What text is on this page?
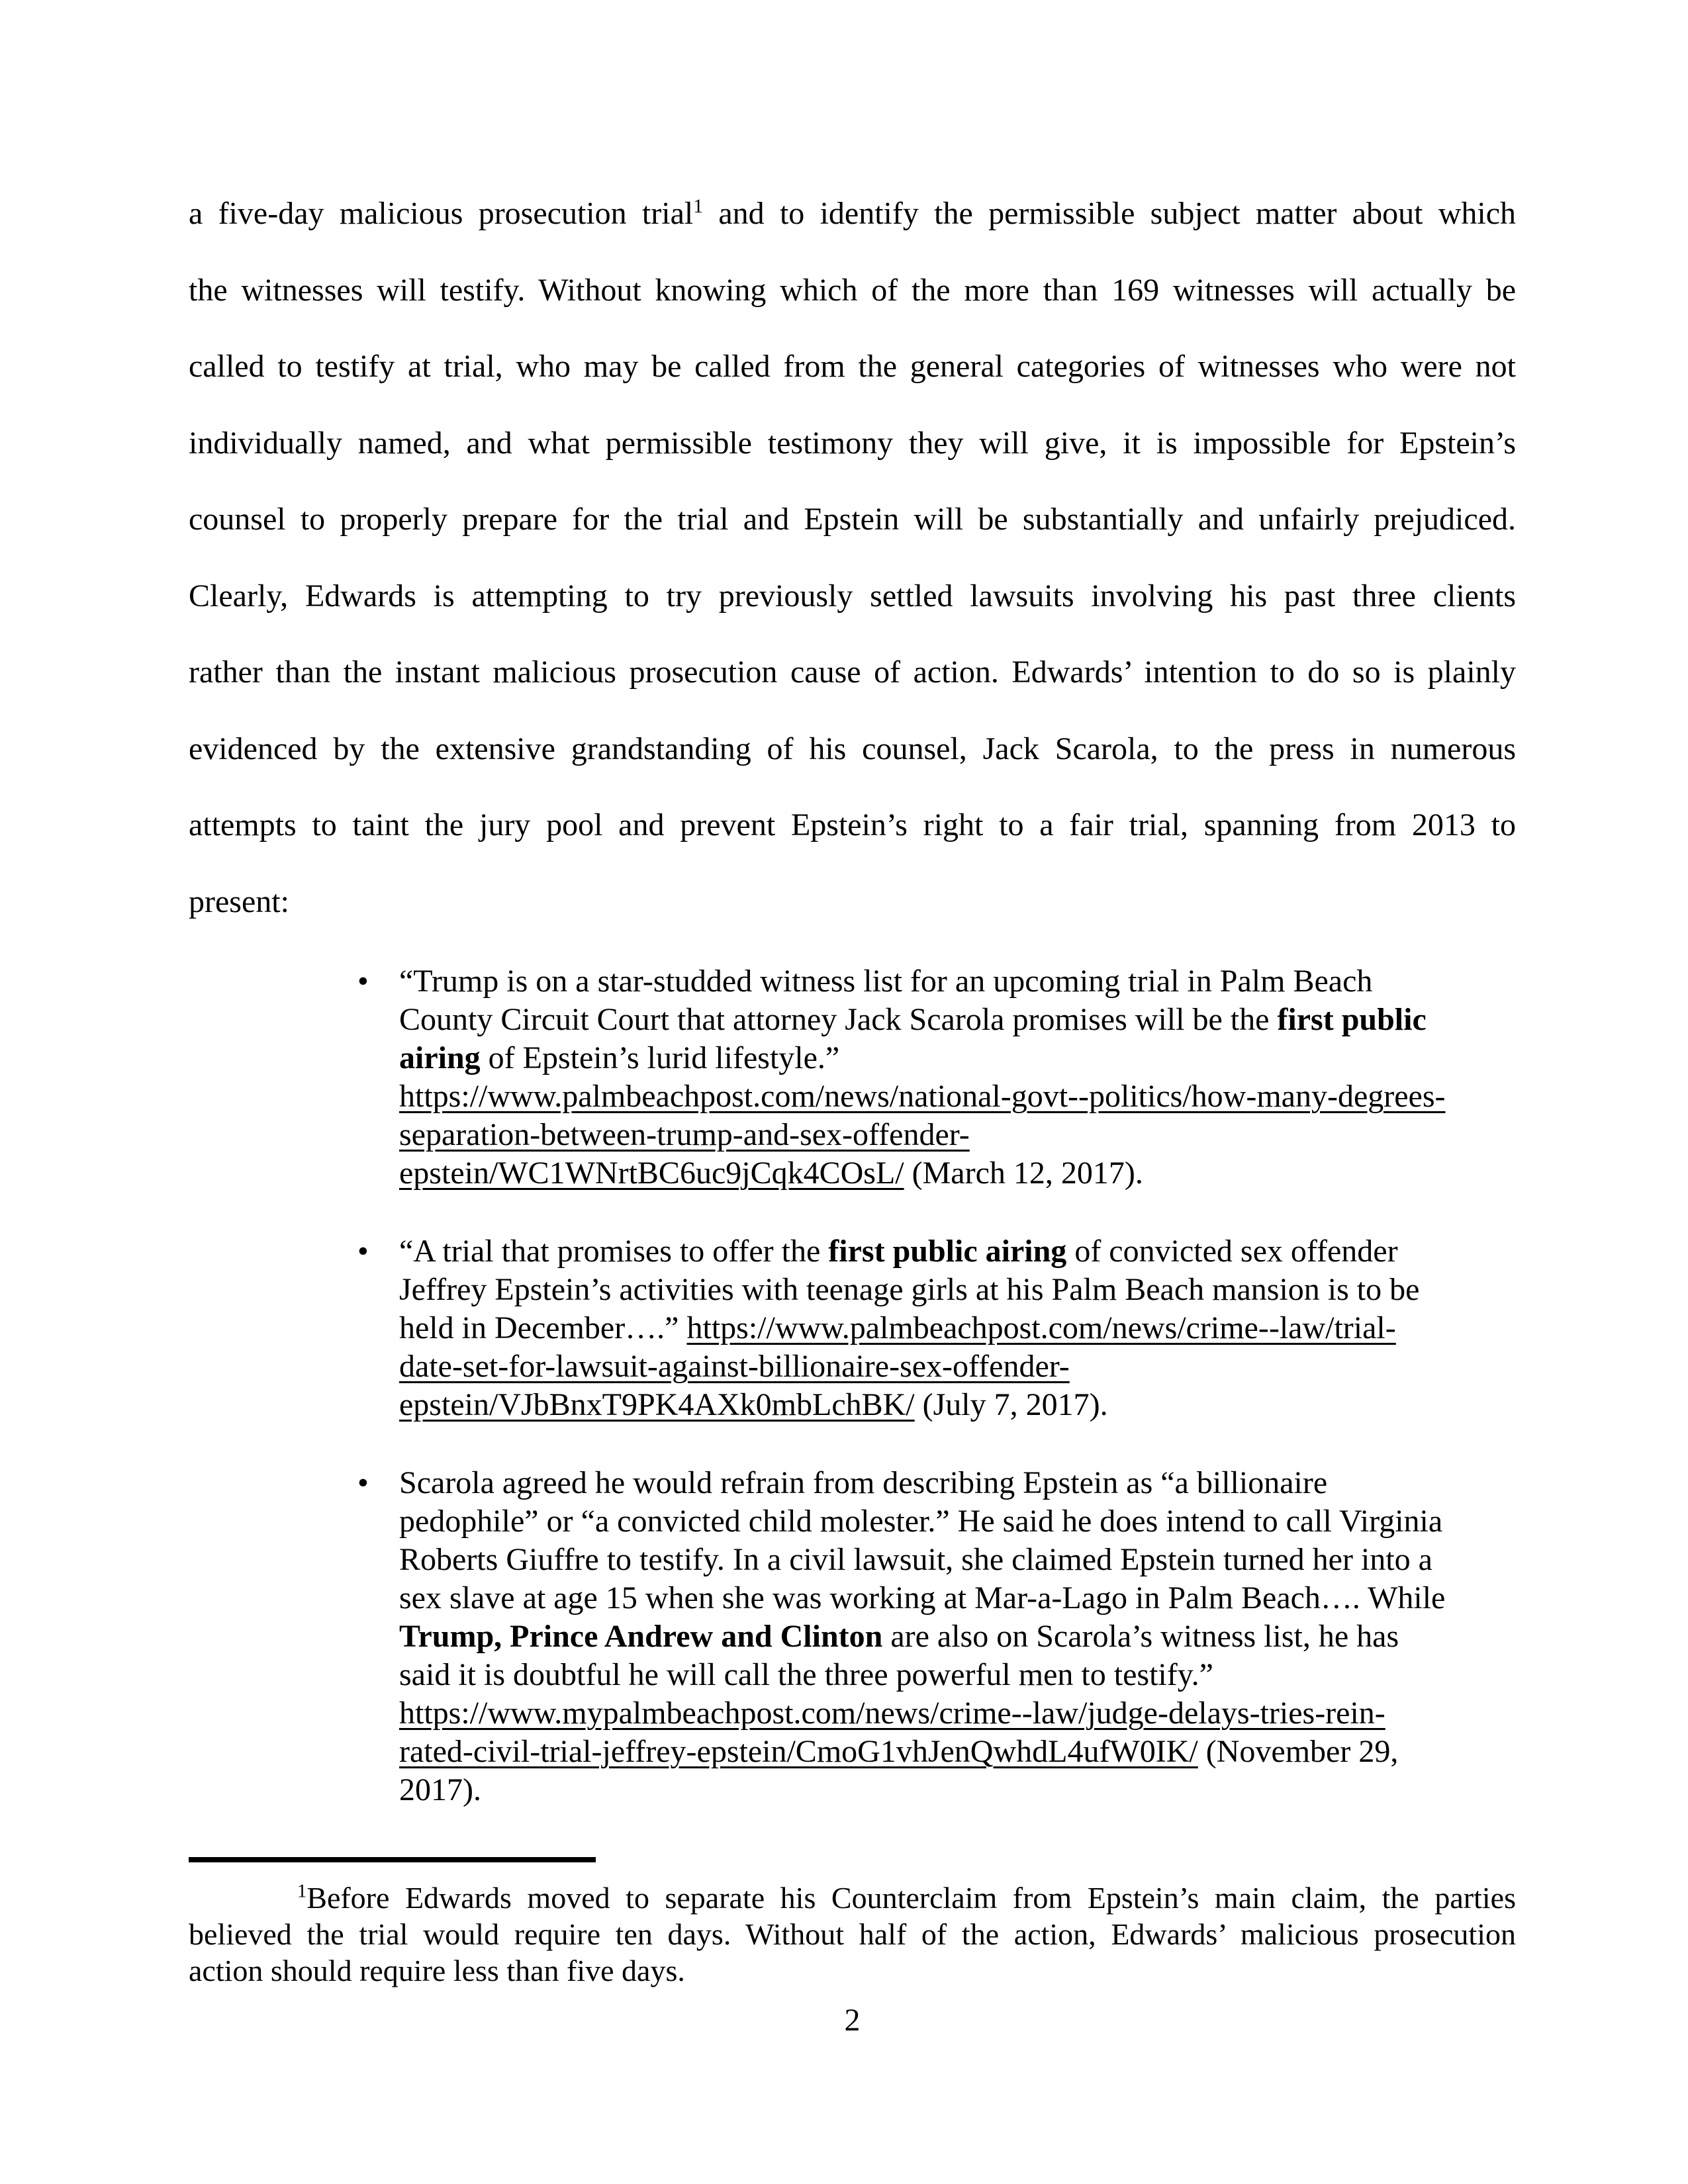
a five-day malicious prosecution trial$^1$ and to identify the permissible subject matter about which
the witnesses will testify. Without knowing which of the more than 169 witnesses will actually be
called to testify at trial, who may be called from the general categories of witnesses who were not
individually named, and what permissible testimony they will give, it is impossible for Epstein’s
counsel to properly prepare for the trial and Epstein will be substantially and unfairly prejudiced.
Clearly, Edwards is attempting to try previously settled lawsuits involving his past three clients
rather than the instant malicious prosecution cause of action. Edwards’ intention to do so is plainly
evidenced by the extensive grandstanding of his counsel, Jack Scarola, to the press in numerous
attempts to taint the jury pool and prevent Epstein’s right to a fair trial, spanning from 2013 to
present:
• “Trump is on a star-studded witness list for an upcoming trial in Palm Beach
County Circuit Court that attorney Jack Scarola promises will be the first public
airing of Epstein’s lurid lifestyle.”
https://www.palmbeachpost.com/news/national-govt--politics/how-many-degrees-
separation-between-trump-and-sex-offender-
epstein/WC1WNrtBC6uc9jCqk4COsL/ (March 12, 2017).
• “A trial that promises to offer the first public airing of convicted sex offender
Jeffrey Epstein’s activities with teenage girls at his Palm Beach mansion is to be
held in December….” https://www.palmbeachpost.com/news/crime--law/trial-
date-set-for-lawsuit-against-billionaire-sex-offender-
epstein/VJbBnxT9PK4AXk0mbLchBK/ (July 7, 2017).
• Scarola agreed he would refrain from describing Epstein as “a billionaire
pedophile” or “a convicted child molester.” He said he does intend to call Virginia
Roberts Giuffre to testify. In a civil lawsuit, she claimed Epstein turned her into a
sex slave at age 15 when she was working at Mar-a-Lago in Palm Beach…. While
Trump, Prince Andrew and Clinton are also on Scarola’s witness list, he has
said it is doubtful he will call the three powerful men to testify.”
https://www.mypalmbeachpost.com/news/crime--law/judge-delays-tries-rein-
rated-civil-trial-jeffrey-epstein/CmoG1vhJenQwhdL4ufW0IK/ (November 29,
2017).
$^1$Before Edwards moved to separate his Counterclaim from Epstein’s main claim, the parties
believed the trial would require ten days. Without half of the action, Edwards’ malicious prosecution
action should require less than five days.
2
